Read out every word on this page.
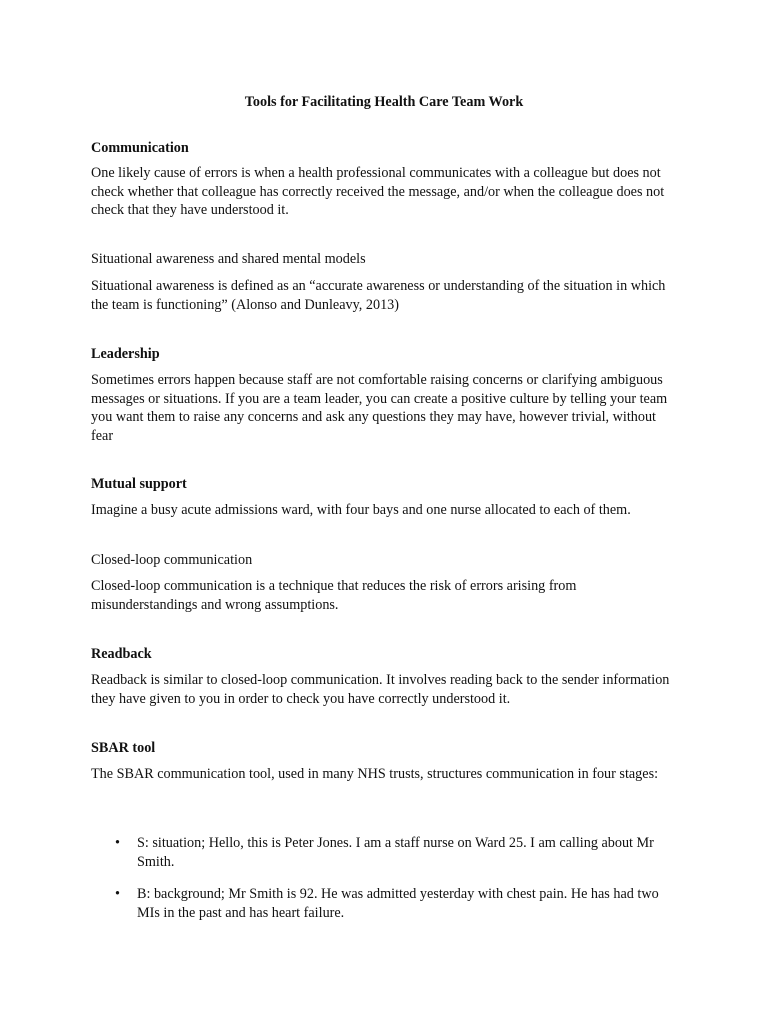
Tools for Facilitating Health Care Team Work

Communication

One likely cause of errors is when a health professional communicates with a colleague but does not check whether that colleague has correctly received the message, and/or when the colleague does not check that they have understood it.

Situational awareness and shared mental models

Situational awareness is defined as an “accurate awareness or understanding of the situation in which the team is functioning” (Alonso and Dunleavy, 2013)

Leadership

Sometimes errors happen because staff are not comfortable raising concerns or clarifying ambiguous messages or situations. If you are a team leader, you can create a positive culture by telling your team you want them to raise any concerns and ask any questions they may have, however trivial, without fear

Mutual support

Imagine a busy acute admissions ward, with four bays and one nurse allocated to each of them.

Closed-loop communication

Closed-loop communication is a technique that reduces the risk of errors arising from misunderstandings and wrong assumptions.

Readback

Readback is similar to closed-loop communication. It involves reading back to the sender information they have given to you in order to check you have correctly understood it.

SBAR tool

The SBAR communication tool, used in many NHS trusts, structures communication in four stages:

• S: situation; Hello, this is Peter Jones. I am a staff nurse on Ward 25. I am calling about Mr Smith.
• B: background; Mr Smith is 92. He was admitted yesterday with chest pain. He has had two MIs in the past and has heart failure.
